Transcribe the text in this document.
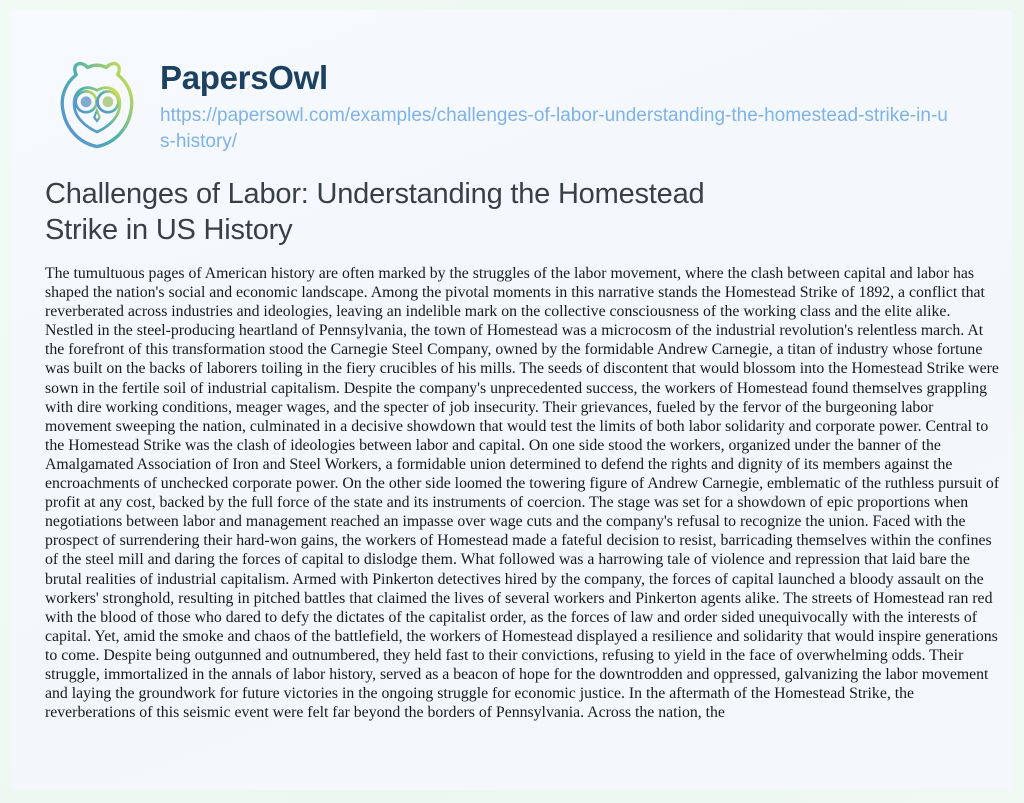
PapersOwl
https://papersowl.com/examples/challenges-of-labor-understanding-the-homestead-strike-in-us-history/
Challenges of Labor: Understanding the Homestead Strike in US History

The tumultuous pages of American history are often marked by the struggles of the labor movement, where the clash between capital and labor has shaped the nation's social and economic landscape. Among the pivotal moments in this narrative stands the Homestead Strike of 1892, a conflict that reverberated across industries and ideologies, leaving an indelible mark on the collective consciousness of the working class and the elite alike. Nestled in the steel-producing heartland of Pennsylvania, the town of Homestead was a microcosm of the industrial revolution's relentless march. At the forefront of this transformation stood the Carnegie Steel Company, owned by the formidable Andrew Carnegie, a titan of industry whose fortune was built on the backs of laborers toiling in the fiery crucibles of his mills. The seeds of discontent that would blossom into the Homestead Strike were sown in the fertile soil of industrial capitalism. Despite the company's unprecedented success, the workers of Homestead found themselves grappling with dire working conditions, meager wages, and the specter of job insecurity. Their grievances, fueled by the fervor of the burgeoning labor movement sweeping the nation, culminated in a decisive showdown that would test the limits of both labor solidarity and corporate power. Central to the Homestead Strike was the clash of ideologies between labor and capital. On one side stood the workers, organized under the banner of the Amalgamated Association of Iron and Steel Workers, a formidable union determined to defend the rights and dignity of its members against the encroachments of unchecked corporate power. On the other side loomed the towering figure of Andrew Carnegie, emblematic of the ruthless pursuit of profit at any cost, backed by the full force of the state and its instruments of coercion. The stage was set for a showdown of epic proportions when negotiations between labor and management reached an impasse over wage cuts and the company's refusal to recognize the union. Faced with the prospect of surrendering their hard-won gains, the workers of Homestead made a fateful decision to resist, barricading themselves within the confines of the steel mill and daring the forces of capital to dislodge them. What followed was a harrowing tale of violence and repression that laid bare the brutal realities of industrial capitalism. Armed with Pinkerton detectives hired by the company, the forces of capital launched a bloody assault on the workers' stronghold, resulting in pitched battles that claimed the lives of several workers and Pinkerton agents alike. The streets of Homestead ran red with the blood of those who dared to defy the dictates of the capitalist order, as the forces of law and order sided unequivocally with the interests of capital. Yet, amid the smoke and chaos of the battlefield, the workers of Homestead displayed a resilience and solidarity that would inspire generations to come. Despite being outgunned and outnumbered, they held fast to their convictions, refusing to yield in the face of overwhelming odds. Their struggle, immortalized in the annals of labor history, served as a beacon of hope for the downtrodden and oppressed, galvanizing the labor movement and laying the groundwork for future victories in the ongoing struggle for economic justice. In the aftermath of the Homestead Strike, the reverberations of this seismic event were felt far beyond the borders of Pennsylvania. Across the nation, the
